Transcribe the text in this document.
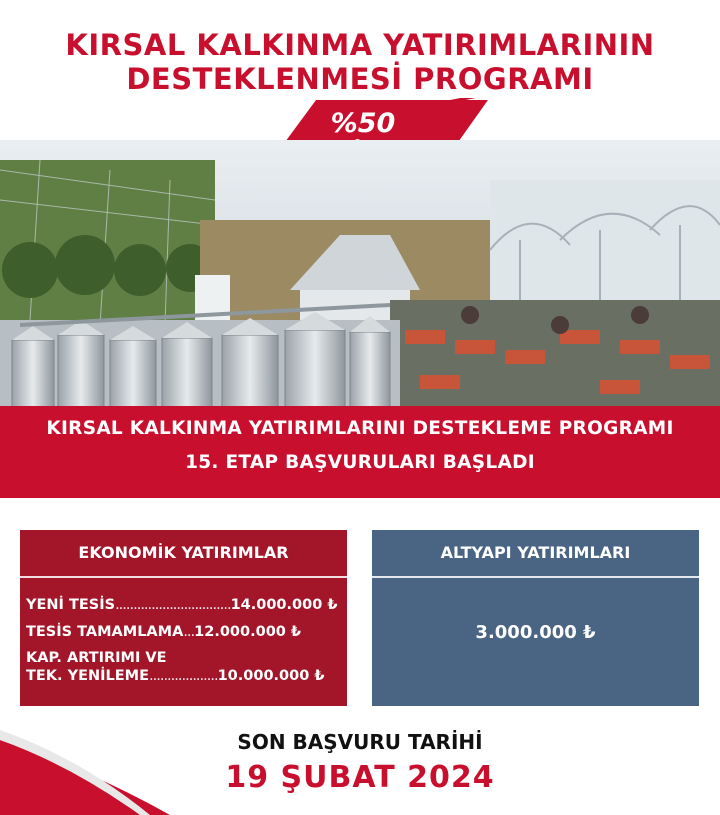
KIRSAL KALKINMA YATIRIMLARININ
DESTEKLENMESİ PROGRAMI
%50
KIRSAL KALKINMA YATIRIMLARINI DESTEKLEME PROGRAMI
15. ETAP BAŞVURULARI BAŞLADI
EKONOMİK YATIRIMLAR
YENİ TESİS................................14.000.000 ₺
TESİS TAMAMLAMA...12.000.000 ₺
KAP. ARTIRIMI VE
TEK. YENİLEME...................10.000.000 ₺
ALTYAPI YATIRIMLARI
3.000.000 ₺
SON BAŞVURU TARİHİ
19 ŞUBAT 2024
